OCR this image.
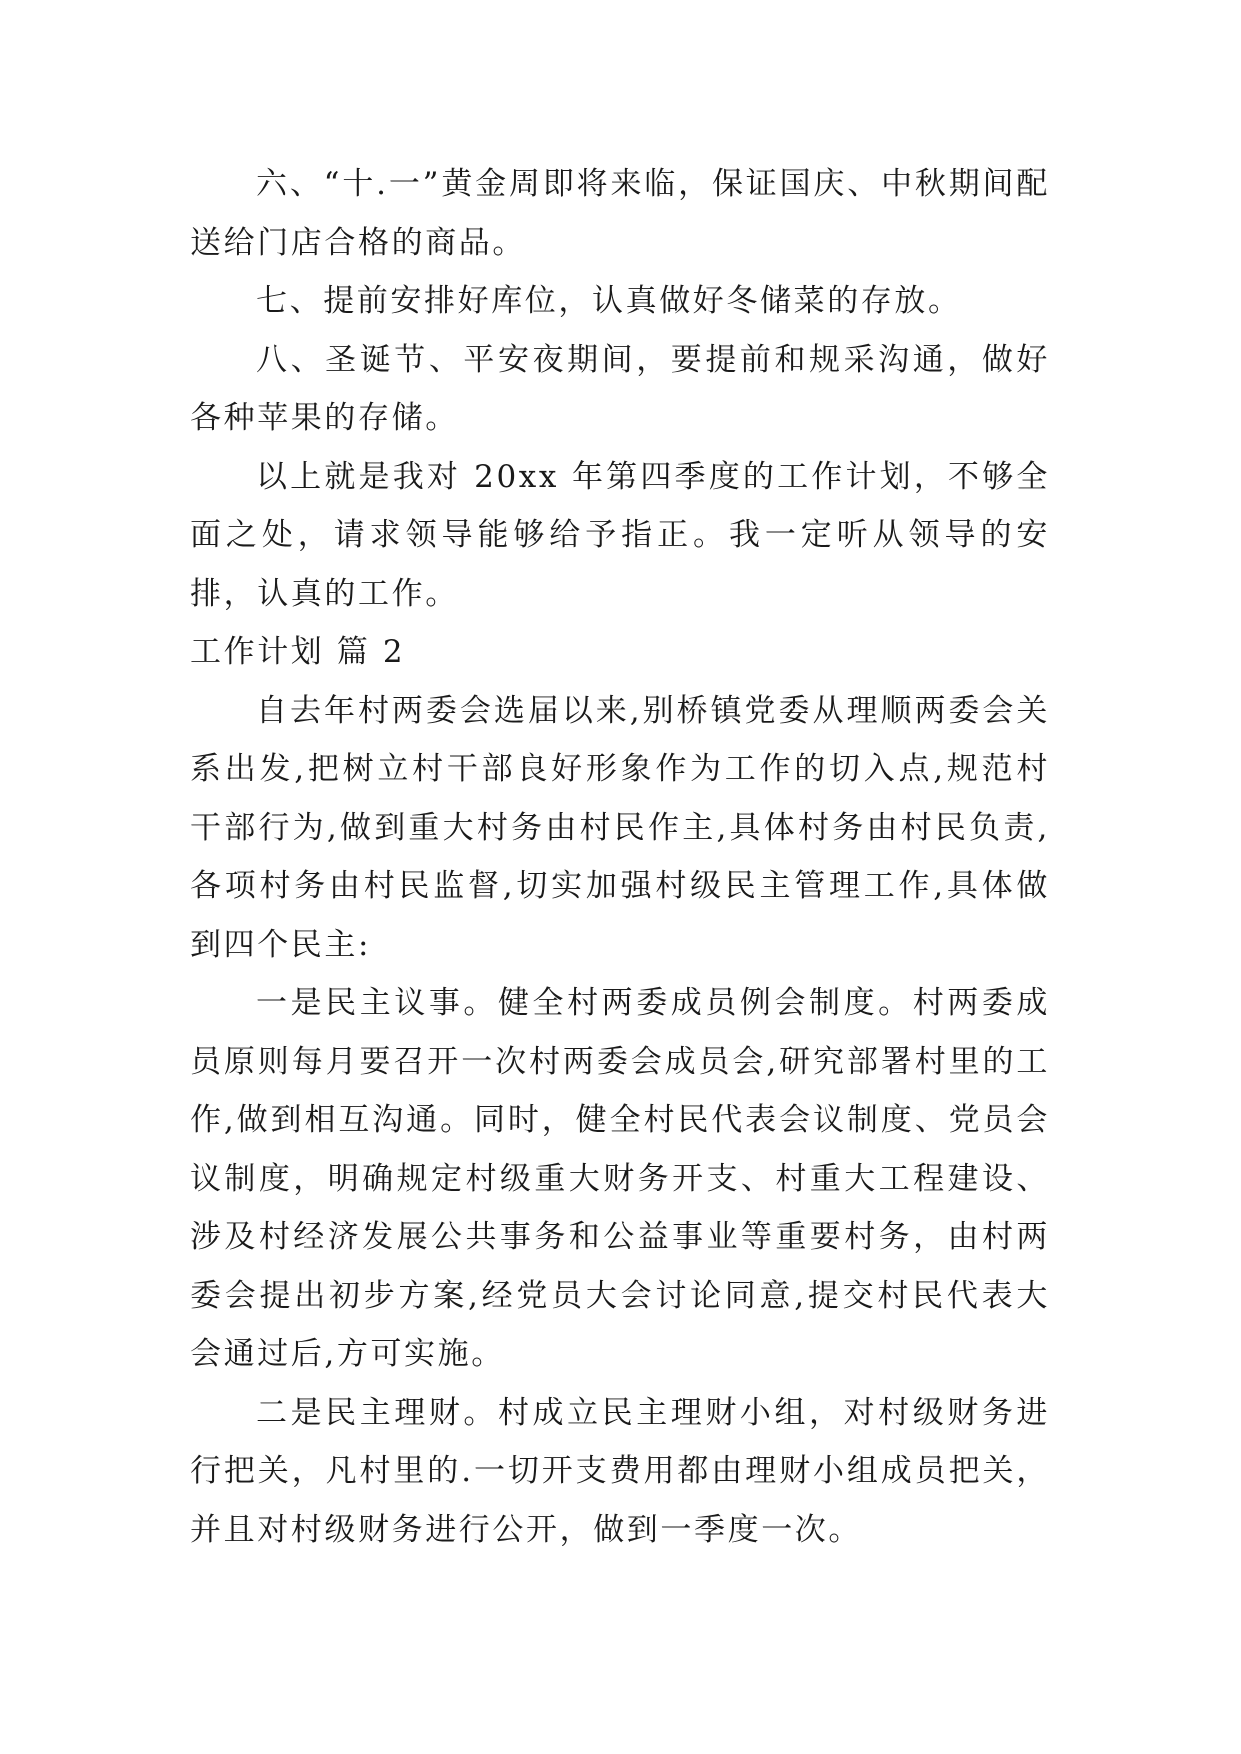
六、“十.一”黄金周即将来临，保证国庆、中秋期间配送给门店合格的商品。

七、提前安排好库位，认真做好冬储菜的存放。

八、圣诞节、平安夜期间，要提前和规采沟通，做好各种苹果的存储。

以上就是我对 20xx 年第四季度的工作计划，不够全面之处，请求领导能够给予指正。我一定听从领导的安排，认真的工作。

工作计划 篇 2

自去年村两委会选届以来,别桥镇党委从理顺两委会关系出发,把树立村干部良好形象作为工作的切入点,规范村干部行为,做到重大村务由村民作主,具体村务由村民负责,各项村务由村民监督,切实加强村级民主管理工作,具体做到四个民主:

一是民主议事。健全村两委成员例会制度。村两委成员原则每月要召开一次村两委会成员会,研究部署村里的工作,做到相互沟通。同时，健全村民代表会议制度、党员会议制度，明确规定村级重大财务开支、村重大工程建设、涉及村经济发展公共事务和公益事业等重要村务，由村两委会提出初步方案,经党员大会讨论同意,提交村民代表大会通过后,方可实施。

二是民主理财。村成立民主理财小组，对村级财务进行把关，凡村里的.一切开支费用都由理财小组成员把关，并且对村级财务进行公开，做到一季度一次。
